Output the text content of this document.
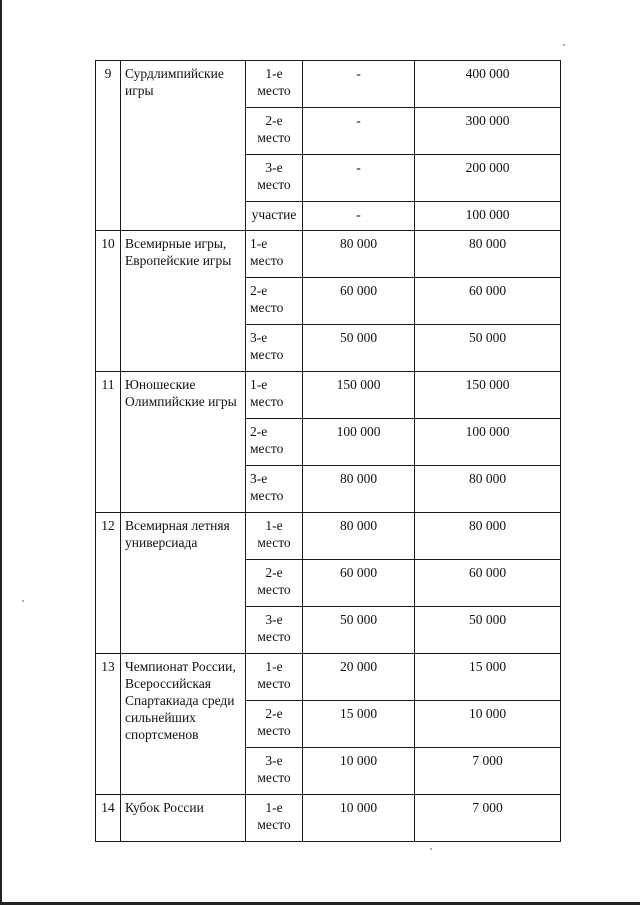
9	Сурдлимпийские игры	1-е место	-	400 000
		2-е место	-	300 000
		3-е место	-	200 000
		участие	-	100 000
10	Всемирные игры, Европейские игры	1-е место	80 000	80 000
		2-е место	60 000	60 000
		3-е место	50 000	50 000
11	Юношеские Олимпийские игры	1-е место	150 000	150 000
		2-е место	100 000	100 000
		3-е место	80 000	80 000
12	Всемирная летняя универсиада	1-е место	80 000	80 000
		2-е место	60 000	60 000
		3-е место	50 000	50 000
13	Чемпионат России, Всероссийская Спартакиада среди сильнейших спортсменов	1-е место	20 000	15 000
		2-е место	15 000	10 000
		3-е место	10 000	7 000
14	Кубок России	1-е место	10 000	7 000
